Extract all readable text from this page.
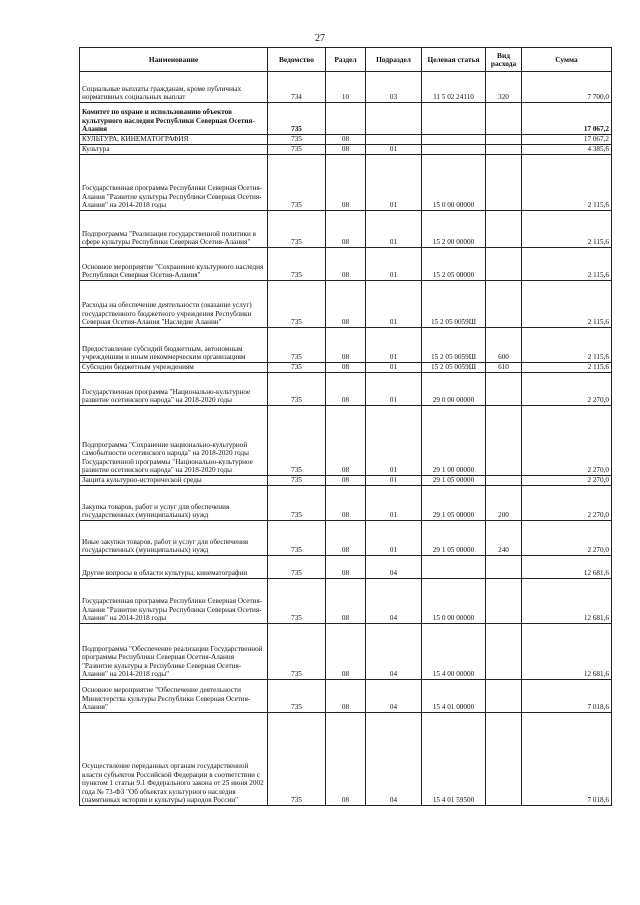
27
Наименование	Ведомство	Раздел	Подраздел	Целевая статья	Вид расхода	Сумма
Социальные выплаты гражданам, кроме публичных нормативных социальных выплат	734	10	03	11 5 02 24110	320	7 700,0
Комитет по охране и использованию объектов культурного наследия Республики Северная Осетия-Алания	735					17 067,2
КУЛЬТУРА, КИНЕМАТОГРАФИЯ	735	08				17 067,2
Культура	735	08	01			4 385,6
Государственная программа Республики Северная Осетия-Алания "Развитие культуры Республики Северная Осетия-Алания" на 2014-2018 годы	735	08	01	15 0 00 00000		2 115,6
Подпрограмма "Реализация государственной политики в сфере культуры Республики Северная Осетия-Алания"	735	08	01	15 2 00 00000		2 115,6
Основное мероприятие "Сохранение культурного наследия Республики Северная Осетия-Алания"	735	08	01	15 2 05 00000		2 115,6
Расходы на обеспечение деятельности (оказание услуг) государственного бюджетного учреждения Республики Северная Осетия-Алания "Наследие Алании"	735	08	01	15 2 05 0059Ш		2 115,6
Предоставление субсидий бюджетным, автономным учреждениям и иным некоммерческим организациям	735	08	01	15 2 05 0059Ш	600	2 115,6
Субсидии бюджетным учреждениям	735	08	01	15 2 05 0059Ш	610	2 115,6
Государственная программа "Национально-культурное развитие осетинского народа" на 2018-2020 годы	735	08	01	29 0 00 00000		2 270,0
Подпрограмма "Сохранение национально-культурной самобытности осетинского народа" на 2018-2020 годы Государственной программы "Национально-культурное развитие осетинского народа" на 2018-2020 годы	735	08	01	29 1 00 00000		2 270,0
Защита культурно-исторической среды	735	08	01	29 1 05 00000		2 270,0
Закупка товаров, работ и услуг для обеспечения государственных (муниципальных) нужд	735	08	01	29 1 05 00000	200	2 270,0
Иные закупки товаров, работ и услуг для обеспечения государственных (муниципальных) нужд	735	08	01	29 1 05 00000	240	2 270,0
Другие вопросы в области культуры, кинематографии	735	08	04			12 681,6
Государственная программа Республики Северная Осетия-Алания "Развитие культуры Республики Северная Осетия-Алания" на 2014-2018 годы	735	08	04	15 0 00 00000		12 681,6
Подпрограмма "Обеспечение реализации Государственной программы Республики Северная Осетия-Алания "Развитие культуры в Республике Северная Осетия-Алания" на 2014-2018 годы"	735	08	04	15 4 00 00000		12 681,6
Основное мероприятие "Обеспечение деятельности Министерства культуры Республики Северная Осетия-Алания"	735	08	04	15 4 01 00000		7 018,6
Осуществление переданных органам государственной власти субъектов Российской Федерации в соответствии с пунктом 1 статьи 9.1 Федерального закона от 25 июня 2002 года № 73-ФЗ "Об объектах культурного наследия (памятниках истории и культуры) народов России"	735	08	04	15 4 01 59500		7 018,6
